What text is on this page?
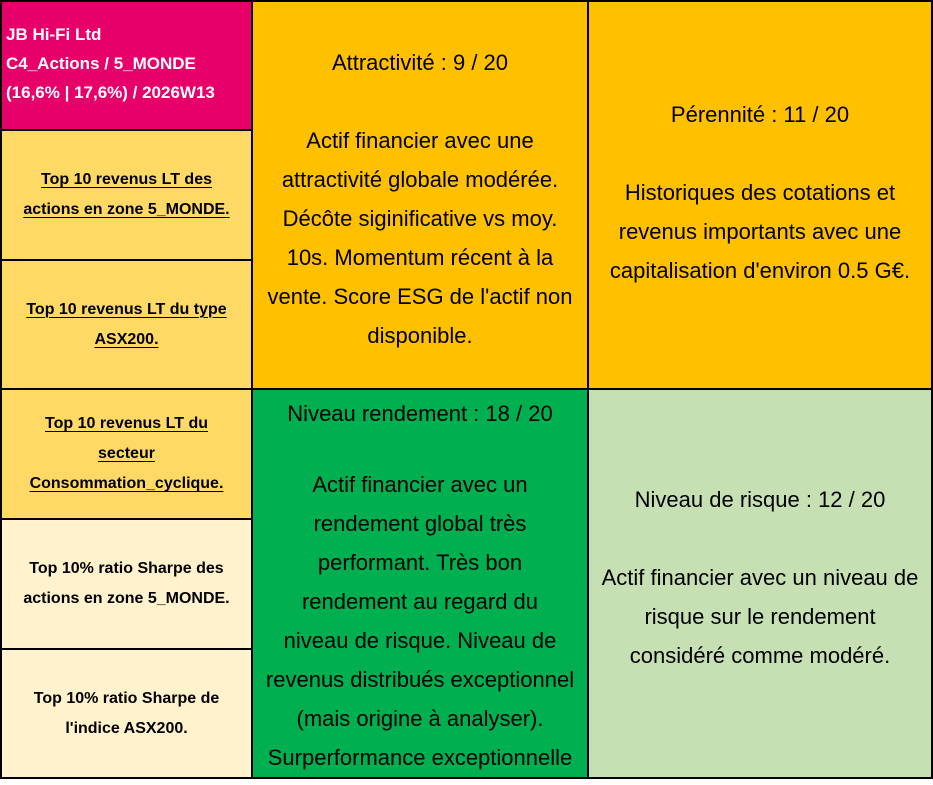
JB Hi-Fi Ltd
C4_Actions / 5_MONDE
(16,6% | 17,6%) / 2026W13
Top 10 revenus LT des
actions en zone 5_MONDE.
Top 10 revenus LT du type
ASX200.
Top 10 revenus LT du
secteur
Consommation_cyclique.
Top 10% ratio Sharpe des
actions en zone 5_MONDE.
Top 10% ratio Sharpe de
l'indice ASX200.
Attractivité : 9 / 20
Actif financier avec une
attractivité globale modérée.
Décôte siginificative vs moy.
10s. Momentum récent à la
vente. Score ESG de l'actif non
disponible.
Pérennité : 11 / 20
Historiques des cotations et
revenus importants avec une
capitalisation d'environ 0.5 G€.
Niveau rendement : 18 / 20
Actif financier avec un
rendement global très
performant. Très bon
rendement au regard du
niveau de risque. Niveau de
revenus distribués exceptionnel
(mais origine à analyser).
Surperformance exceptionnelle
Niveau de risque : 12 / 20
Actif financier avec un niveau de
risque sur le rendement
considéré comme modéré.
